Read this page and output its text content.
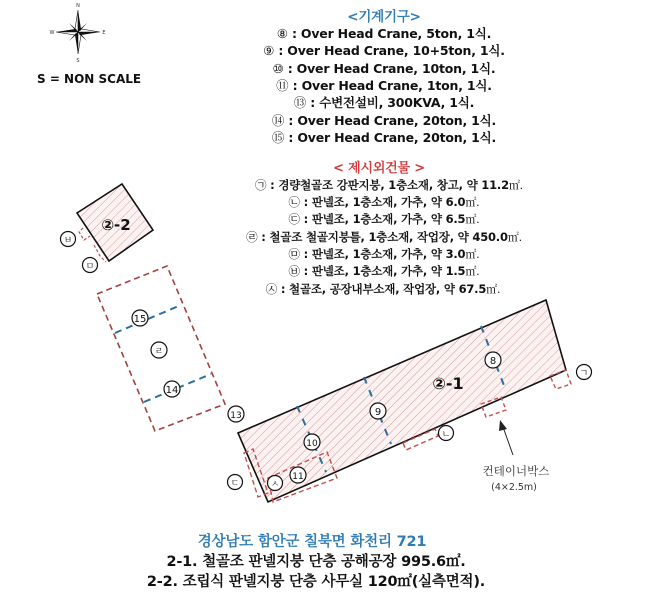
N
S
E
W
②-2
ㅂ
ㅁ
15
ㄹ
14	②-1
8
9
10
11
13
ㅅ
ㄷ
ㄴ
ㄱ
컨테이너박스
(4×2.5m)
S = NON SCALE
<기계기구>
⑧ : Over Head Crane, 5ton, 1식.
⑨ : Over Head Crane, 10+5ton, 1식.
⑩ : Over Head Crane, 10ton, 1식.
⑪ : Over Head Crane, 1ton, 1식.
⑬ : 수변전설비, 300KVA, 1식.
⑭ : Over Head Crane, 20ton, 1식.
⑮ : Over Head Crane, 20ton, 1식.
< 제시외건물 >
㉠ : 경량철골조 강판지붕, 1층소재, 창고, 약 11.2㎡.
㉡ : 판넬조, 1층소재, 가추, 약 6.0㎡.
㉢ : 판넬조, 1층소재, 가추, 약 6.5㎡.
㉣ : 철골조 철골지붕틀, 1층소재, 작업장, 약 450.0㎡.
㉤ : 판넬조, 1층소재, 가추, 약 3.0㎡.
㉥ : 판넬조, 1층소재, 가추, 약 1.5㎡.
㉦ : 철골조, 공장내부소재, 작업장, 약 67.5㎡.
경상남도 함안군 칠북면 화천리 721
2-1. 철골조 판넬지붕 단층 공해공장 995.6㎡.
2-2. 조립식 판넬지붕 단층 사무실 120㎡(실측면적).
